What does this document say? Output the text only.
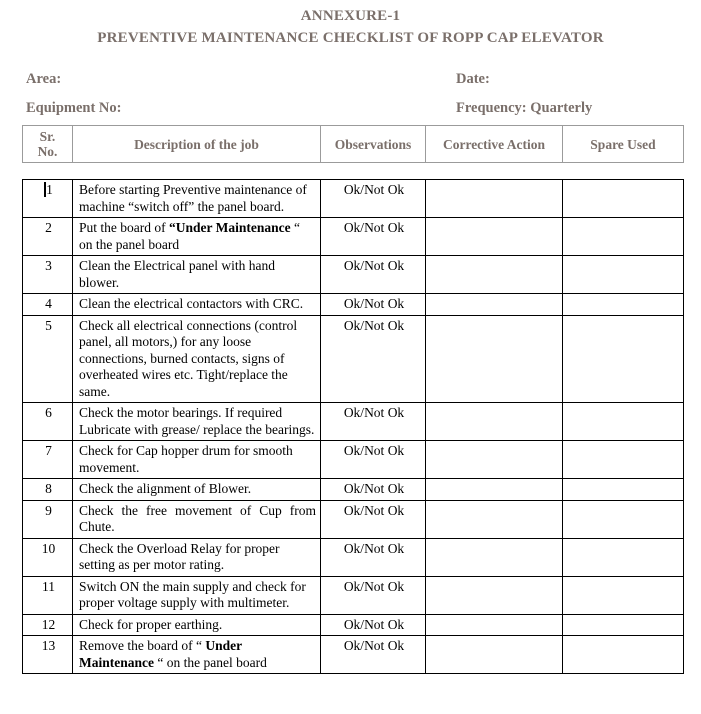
ANNEXURE-1
PREVENTIVE MAINTENANCE CHECKLIST OF ROPP CAP ELEVATOR
Area:	Date:
Equipment No:	Frequency: Quarterly
Sr.
No.	Description of the job	Observations	Corrective Action	Spare Used
1	Before starting Preventive maintenance of machine “switch off” the panel board.	Ok/Not Ok		
2	Put the board of “Under Maintenance “ on the panel board	Ok/Not Ok		
3	Clean the Electrical panel with hand blower.	Ok/Not Ok		
4	Clean the electrical contactors with CRC.	Ok/Not Ok		
5	Check all electrical connections (control panel, all motors,) for any loose connections, burned contacts, signs of overheated wires etc. Tight/replace the same.	Ok/Not Ok		
6	Check the motor bearings. If required Lubricate with grease/ replace the bearings.	Ok/Not Ok		
7	Check for Cap hopper drum for smooth movement.	Ok/Not Ok		
8	Check the alignment of Blower.	Ok/Not Ok		
9	Check the free movement of Cup from Chute.	Ok/Not Ok		
10	Check the Overload Relay for proper setting as per motor rating.	Ok/Not Ok		
11	Switch ON the main supply and check for proper voltage supply with multimeter.	Ok/Not Ok		
12	Check for proper earthing.	Ok/Not Ok		
13	Remove the board of “ Under Maintenance “ on the panel board	Ok/Not Ok		
